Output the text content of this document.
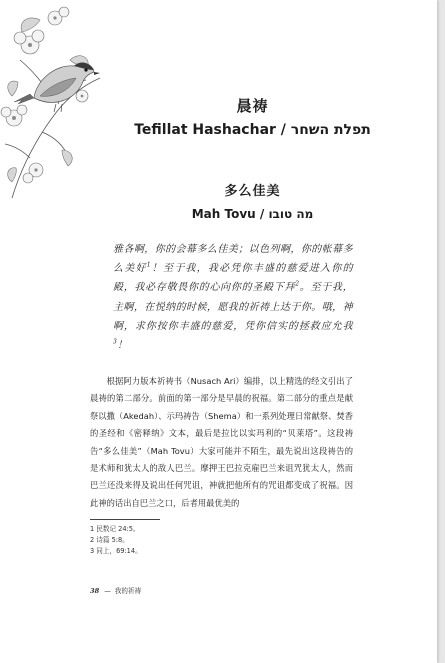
晨祷
Tefillat Hashachar / תפלת השחר
多么佳美
Mah Tovu / מה טובו
雅各啊，你的会幕多么佳美；以色列啊，你的帐幕多么美好$^1$！至于我，我必凭你丰盛的慈爱进入你的殿，我必存敬畏你的心向你的圣殿下拜$^2$。至于我，主啊，在悦纳的时候，愿我的祈祷上达于你。哦，神啊，求你按你丰盛的慈爱，凭你信实的拯救应允我$^3$！
根据阿力版本祈祷书（Nusach Ari）编排，以上精选的经文引出了晨祷的第二部分。前面的第一部分是早晨的祝福。第二部分的重点是献祭以撒（Akedah）、示玛祷告（Shema）和一系列处理日常献祭、焚香的圣经和《密释纳》文本，最后是拉比以实玛利的“贝莱塔”。这段祷告“多么佳美”（Mah Tovu）大家可能并不陌生，最先说出这段祷告的是术师和犹太人的敌人巴兰。摩押王巴拉克雇巴兰来诅咒犹太人，然而巴兰还没来得及说出任何咒诅，神就把他所有的咒诅都变成了祝福。因此神的话出自巴兰之口，后者用最优美的
1 民数记 24:5。
2 诗篇 5:8。
3 同上，69:14。
38 — 我的祈祷
